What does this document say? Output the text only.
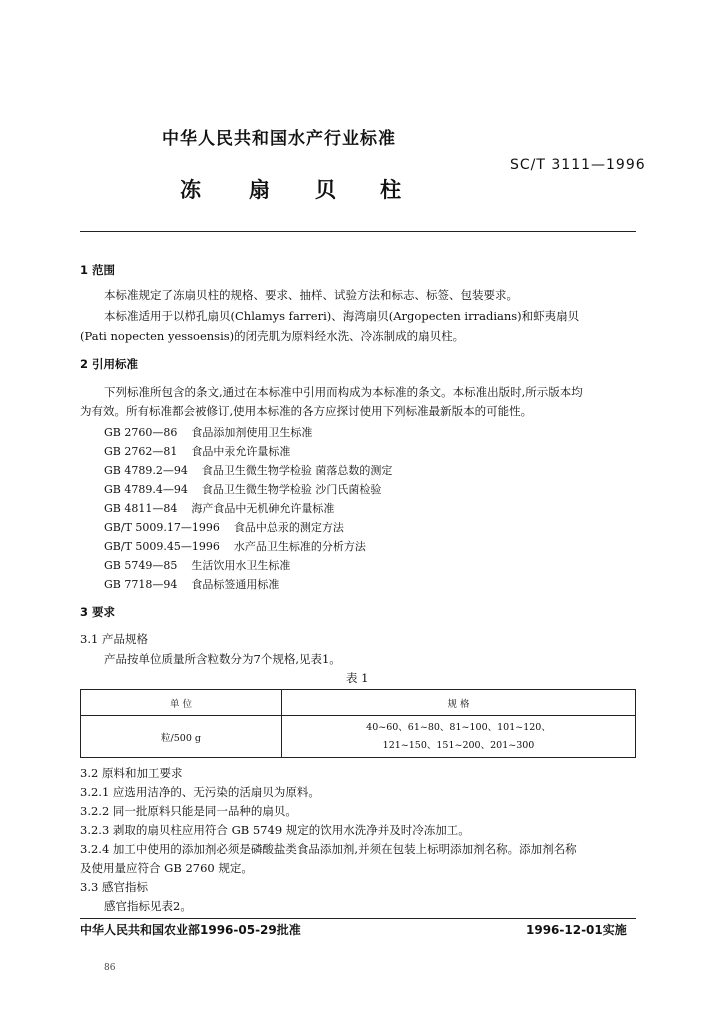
中华人民共和国水产行业标准
SC/T 3111—1996
冻 扇 贝 柱
1 范围
本标准规定了冻扇贝柱的规格、要求、抽样、试验方法和标志、标签、包装要求。
本标准适用于以栉孔扇贝(Chlamys farreri)、海湾扇贝(Argopecten irradians)和虾夷扇贝
(Pati nopecten yessoensis)的闭壳肌为原料经水洗、冷冻制成的扇贝柱。
2 引用标准
下列标准所包含的条文,通过在本标准中引用而构成为本标准的条文。本标准出版时,所示版本均
为有效。所有标准都会被修订,使用本标准的各方应探讨使用下列标准最新版本的可能性。
GB 2760—86 食品添加剂使用卫生标准
GB 2762—81 食品中汞允许量标准
GB 4789.2—94 食品卫生微生物学检验 菌落总数的测定
GB 4789.4—94 食品卫生微生物学检验 沙门氏菌检验
GB 4811—84 海产食品中无机砷允许量标准
GB/T 5009.17—1996 食品中总汞的测定方法
GB/T 5009.45—1996 水产品卫生标准的分析方法
GB 5749—85 生活饮用水卫生标准
GB 7718—94 食品标签通用标准
3 要求
3.1 产品规格
产品按单位质量所含粒数分为7个规格,见表1。
表 1
单 位	规 格
粒/500 g	40~60、61~80、81~100、101~120、
121~150、151~200、201~300
3.2 原料和加工要求
3.2.1 应选用洁净的、无污染的活扇贝为原料。
3.2.2 同一批原料只能是同一品种的扇贝。
3.2.3 剥取的扇贝柱应用符合 GB 5749 规定的饮用水洗净并及时冷冻加工。
3.2.4 加工中使用的添加剂必须是磷酸盐类食品添加剂,并须在包装上标明添加剂名称。添加剂名称
及使用量应符合 GB 2760 规定。
3.3 感官指标
感官指标见表2。
中华人民共和国农业部1996-05-29批准	1996-12-01实施
86
